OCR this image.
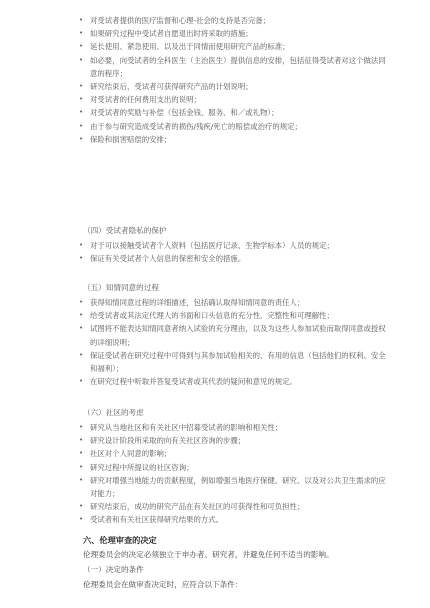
• 对受试者提供的医疗监督和心理-社会的支持是否完备；
• 如果研究过程中受试者自愿退出时将采取的措施；
• 延长使用、紧急使用、以及出于同情而使用研究产品的标准；
• 如必要，向受试者的全科医生（主治医生）提供信息的安排，包括征得受试者对这个做法同意的程序；
• 研究结束后，受试者可获得研究产品的计划说明；
• 对受试者的任何费用支出的说明；
• 对受试者的奖励与补偿（包括金钱、服务、和／或礼物）；
• 由于参与研究造成受试者的损伤/残疾/死亡的赔偿或治疗的规定；
• 保险和损害赔偿的安排；

（四）受试者隐私的保护

• 对于可以接触受试者个人资料（包括医疗记录、生物学标本）人员的规定；
• 保证有关受试者个人信息的保密和安全的措施。

（五）知情同意的过程

• 获得知情同意过程的详细描述，包括确认取得知情同意的责任人；
• 给受试者或其法定代理人的书面和口头信息的充分性、完整性和可理解性；
• 试图将不能表达知情同意者纳入试验的充分理由，以及为这些人参加试验而取得同意或授权的详细说明；
• 保证受试者在研究过程中可得到与其参加试验相关的、有用的信息（包括他们的权利、安全和福利）；
• 在研究过程中听取并答复受试者或其代表的疑问和意见的规定。

（六）社区的考虑

• 研究从当地社区和有关社区中招募受试者的影响和相关性；
• 研究设计阶段所采取的向有关社区咨询的步骤；
• 社区对个人同意的影响；
• 研究过程中所提议的社区咨询；
• 研究对增强当地能力的贡献程度，例如增强当地医疗保健、研究、以及对公共卫生需求的应对能力；
• 研究结束后，成功的研究产品在有关社区的可获得性和可负担性；
• 受试者和有关社区获得研究结果的方式。

六、伦理审查的决定

伦理委员会的决定必须独立于申办者、研究者，并避免任何不适当的影响。

（一）决定的条件

伦理委员会在做审查决定时，应符合以下条件：
